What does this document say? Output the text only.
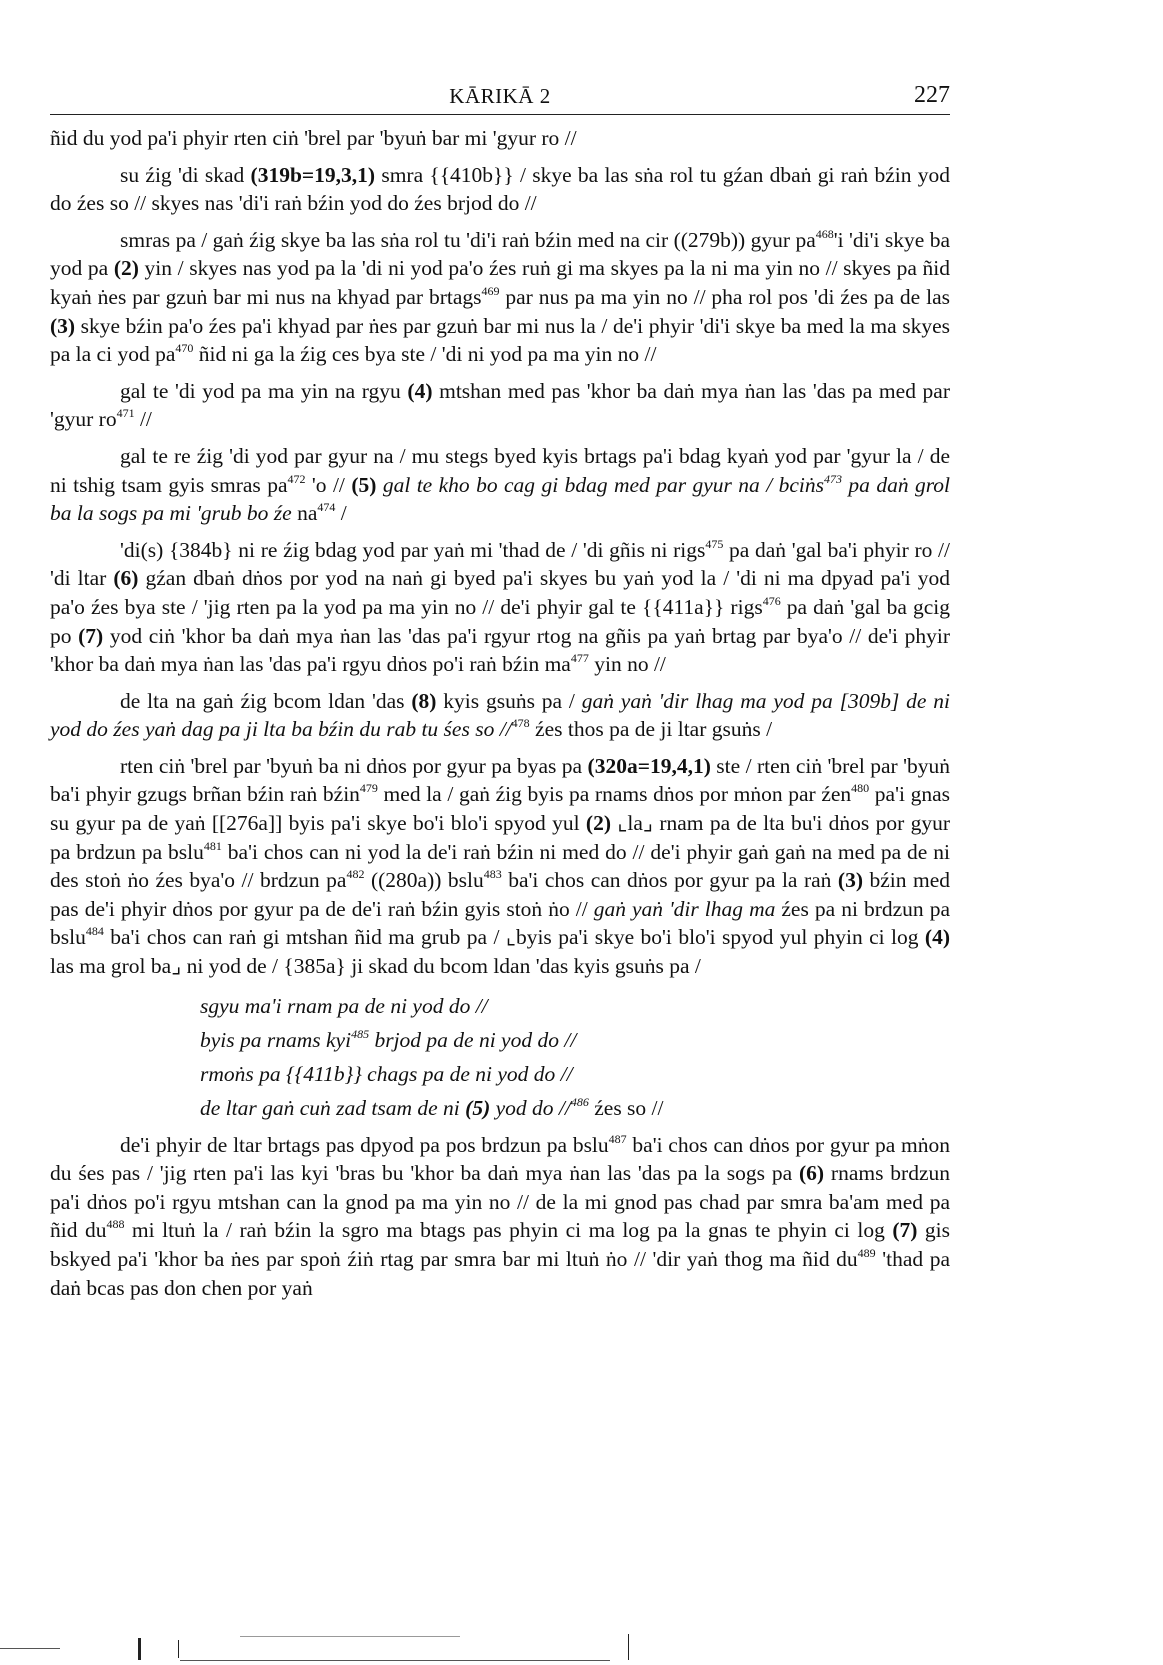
KĀRIKĀ 2	227

ñid du yod pa'i phyir rten ciṅ 'brel par 'byuṅ bar mi 'gyur ro //

su źig 'di skad (319b=19,3,1) smra {{410b}} / skye ba las sṅa rol tu gźan dbaṅ gi raṅ bźin yod do źes so // skyes nas 'di'i raṅ bźin yod do źes brjod do //

smras pa / gaṅ źig skye ba las sṅa rol tu 'di'i raṅ bźin med na cir ((279b)) gyur $pa^{468}'i$ 'di'i skye ba yod pa (2) yin / skyes nas yod pa la 'di ni yod pa'o źes ruṅ gi ma skyes pa la ni ma yin no // skyes pa ñid kyaṅ ṅes par gzuṅ bar mi nus na khyad par brtags$^{469}$ par nus pa ma yin no // pha rol pos 'di źes pa de las (3) skye bźin pa'o źes pa'i khyad par ṅes par gzuṅ bar mi nus la / de'i phyir 'di'i skye ba med la ma skyes pa la ci yod $pa^{470}$ ñid ni ga la źig ces bya ste / 'di ni yod pa ma yin no //

gal te 'di yod pa ma yin na rgyu (4) mtshan med pas 'khor ba daṅ mya ṅan las 'das pa med par 'gyur $ro^{471}$ //

gal te re źig 'di yod par gyur na / mu stegs byed kyis brtags pa'i bdag kyaṅ yod par 'gyur la / de ni tshig tsam gyis smras $pa^{472}$ 'o // (5) gal te kho bo cag gi bdag med par gyur na / bciṅs$^{473}$ pa daṅ grol ba la sogs pa mi 'grub bo źe $na^{474}$ /

'di(s) {384b} ni re źig bdag yod par yaṅ mi 'thad de / 'di gñis ni rigs$^{475}$ pa daṅ 'gal ba'i phyir ro // 'di ltar (6) gźan dbaṅ dṅos por yod na naṅ gi byed pa'i skyes bu yaṅ yod la / 'di ni ma dpyad pa'i yod pa'o źes bya ste / 'jig rten pa la yod pa ma yin no // de'i phyir gal te {{411a}} rigs$^{476}$ pa daṅ 'gal ba gcig po (7) yod ciṅ 'khor ba daṅ mya ṅan las 'das pa'i rgyur rtog na gñis pa yaṅ brtag par bya'o // de'i phyir 'khor ba daṅ mya ṅan las 'das pa'i rgyu dṅos po'i raṅ bźin $ma^{477}$ yin no //

de lta na gaṅ źig bcom ldan 'das (8) kyis gsuṅs pa / gaṅ yaṅ 'dir lhag ma yod pa [309b] de ni yod do źes yaṅ dag pa ji lta ba bźin du rab tu śes so //$^{478}$ źes thos pa de ji ltar gsuṅs /

rten ciṅ 'brel par 'byuṅ ba ni dṅos por gyur pa byas pa (320a=19,4,1) ste / rten ciṅ 'brel par 'byuṅ ba'i phyir gzugs brñan bźin raṅ bźin$^{479}$ med la / gaṅ źig byis pa rnams dṅos por mṅon par źen$^{480}$ pa'i gnas su gyur pa de yaṅ [[276a]] byis pa'i skye bo'i blo'i spyod yul (2) ⌞la⌟ rnam pa de lta bu'i dṅos por gyur pa brdzun pa bslu$^{481}$ ba'i chos can ni yod la de'i raṅ bźin ni med do // de'i phyir gaṅ gaṅ na med pa de ni des stoṅ ṅo źes bya'o // brdzun $pa^{482}$ ((280a)) bslu$^{483}$ ba'i chos can dṅos por gyur pa la raṅ (3) bźin med pas de'i phyir dṅos por gyur pa de de'i raṅ bźin gyis stoṅ ṅo // gaṅ yaṅ 'dir lhag ma źes pa ni brdzun pa bslu$^{484}$ ba'i chos can raṅ gi mtshan ñid ma grub pa / ⌞byis pa'i skye bo'i blo'i spyod yul phyin ci log (4) las ma grol ba⌟ ni yod de / {385a} ji skad du bcom ldan 'das kyis gsuṅs pa /

sgyu ma'i rnam pa de ni yod do //
byis pa rnams kyi$^{485}$ brjod pa de ni yod do //
rmoṅs pa {{411b}} chags pa de ni yod do //
de ltar gaṅ cuṅ zad tsam de ni (5) yod do //$^{486}$ źes so //

de'i phyir de ltar brtags pas dpyod pa pos brdzun pa bslu$^{487}$ ba'i chos can dṅos por gyur pa mṅon du śes pas / 'jig rten pa'i las kyi 'bras bu 'khor ba daṅ mya ṅan las 'das pa la sogs pa (6) rnams brdzun pa'i dṅos po'i rgyu mtshan can la gnod pa ma yin no // de la mi gnod pas chad par smra ba'am med pa ñid $du^{488}$ mi ltuṅ la / raṅ bźin la sgro ma btags pas phyin ci ma log pa la gnas te phyin ci log (7) gis bskyed pa'i 'khor ba ṅes par spoṅ źiṅ rtag par smra bar mi ltuṅ ṅo // 'dir yaṅ thog ma ñid $du^{489}$ 'thad pa daṅ bcas pas don chen por yaṅ
